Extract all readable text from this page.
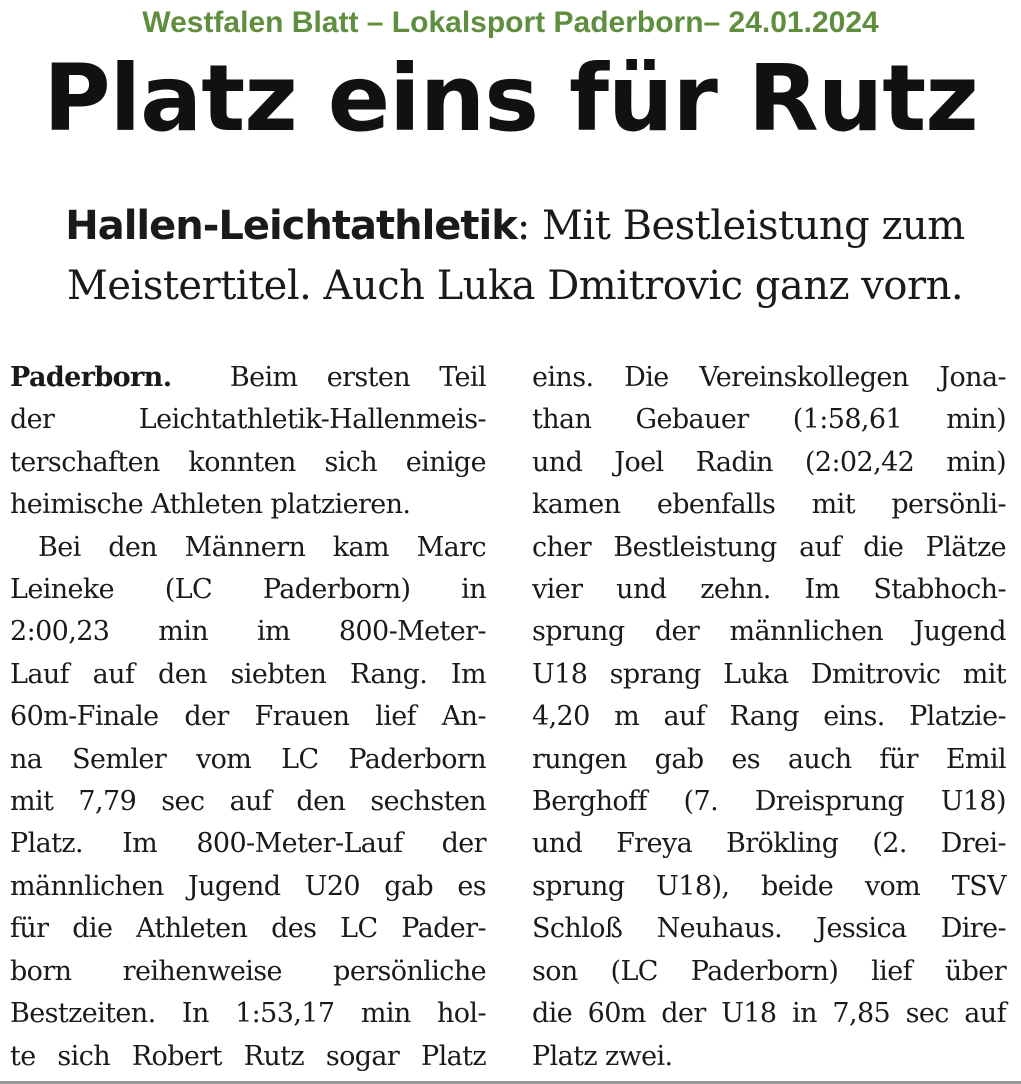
Westfalen Blatt – Lokalsport Paderborn– 24.01.2024
Platz eins für Rutz
Hallen-Leichtathletik: Mit Bestleistung zum
Meistertitel. Auch Luka Dmitrovic ganz vorn.
Paderborn. Beim ersten Teil
der Leichtathletik-Hallenmeis-
terschaften konnten sich einige
heimische Athleten platzieren.
Bei den Männern kam Marc
Leineke (LC Paderborn) in
2:00,23 min im 800-Meter-
Lauf auf den siebten Rang. Im
60m-Finale der Frauen lief An-
na Semler vom LC Paderborn
mit 7,79 sec auf den sechsten
Platz. Im 800-Meter-Lauf der
männlichen Jugend U20 gab es
für die Athleten des LC Pader-
born reihenweise persönliche
Bestzeiten. In 1:53,17 min hol-
te sich Robert Rutz sogar Platz
eins. Die Vereinskollegen Jona-
than Gebauer (1:58,61 min)
und Joel Radin (2:02,42 min)
kamen ebenfalls mit persönli-
cher Bestleistung auf die Plätze
vier und zehn. Im Stabhoch-
sprung der männlichen Jugend
U18 sprang Luka Dmitrovic mit
4,20 m auf Rang eins. Platzie-
rungen gab es auch für Emil
Berghoff (7. Dreisprung U18)
und Freya Brökling (2. Drei-
sprung U18), beide vom TSV
Schloß Neuhaus. Jessica Dire-
son (LC Paderborn) lief über
die 60m der U18 in 7,85 sec auf
Platz zwei.
